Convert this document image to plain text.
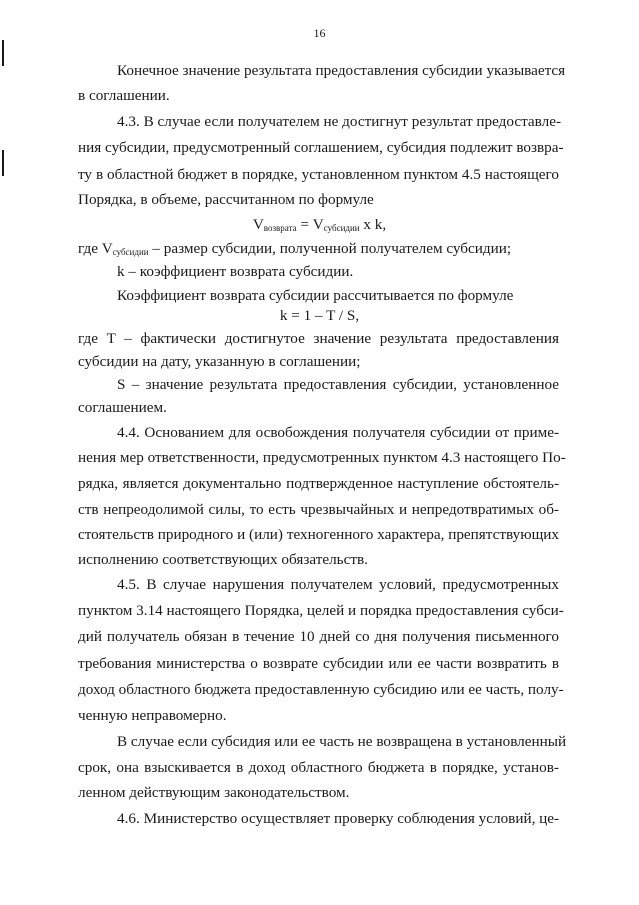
16
Конечное значение результата предоставления субсидии указывается
в соглашении.
4.3. В случае если получателем не достигнут результат предоставле-
ния субсидии, предусмотренный соглашением, субсидия подлежит возвра-
ту в областной бюджет в порядке, установленном пунктом 4.5 настоящего
Порядка, в объеме, рассчитанном по формуле
$V_{возврата} = V_{субсидии}$ x k,
где $V_{субсидии}$ – размер субсидии, полученной получателем субсидии;
k – коэффициент возврата субсидии.
Коэффициент возврата субсидии рассчитывается по формуле
k = 1 – T / S,
где T – фактически достигнутое значение результата предоставления
субсидии на дату, указанную в соглашении;
S – значение результата предоставления субсидии, установленное
соглашением.
4.4. Основанием для освобождения получателя субсидии от приме-
нения мер ответственности, предусмотренных пунктом 4.3 настоящего По-
рядка, является документально подтвержденное наступление обстоятель-
ств непреодолимой силы, то есть чрезвычайных и непредотвратимых об-
стоятельств природного и (или) техногенного характера, препятствующих
исполнению соответствующих обязательств.
4.5. В случае нарушения получателем условий, предусмотренных
пунктом 3.14 настоящего Порядка, целей и порядка предоставления субси-
дий получатель обязан в течение 10 дней со дня получения письменного
требования министерства о возврате субсидии или ее части возвратить в
доход областного бюджета предоставленную субсидию или ее часть, полу-
ченную неправомерно.
В случае если субсидия или ее часть не возвращена в установленный
срок, она взыскивается в доход областного бюджета в порядке, установ-
ленном действующим законодательством.
4.6. Министерство осуществляет проверку соблюдения условий, це-
